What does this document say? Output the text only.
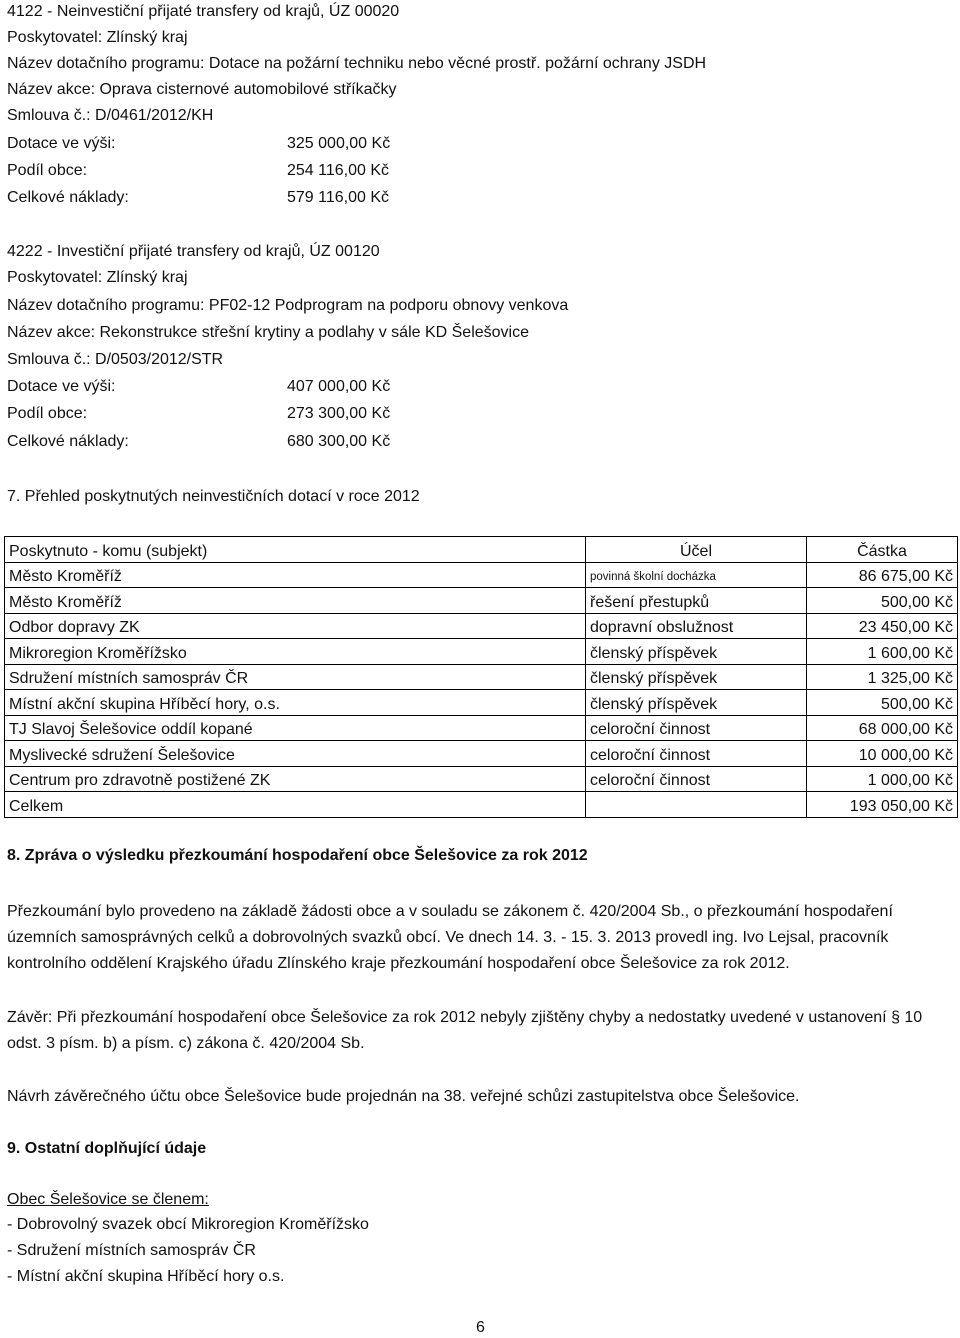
4122 - Neinvestiční přijaté transfery od krajů, ÚZ 00020
Poskytovatel: Zlínský kraj
Název dotačního programu: Dotace na požární techniku nebo věcné prostř. požární ochrany JSDH
Název akce: Oprava cisternové automobilové stříkačky
Smlouva č.: D/0461/2012/KH
Dotace ve výši:	325 000,00 Kč
Podíl obce:	254 116,00 Kč
Celkové náklady:	579 116,00 Kč
4222 - Investiční přijaté transfery od krajů, ÚZ 00120
Poskytovatel: Zlínský kraj
Název dotačního programu: PF02-12 Podprogram na podporu obnovy venkova
Název akce: Rekonstrukce střešní krytiny a podlahy v sále KD Šelešovice
Smlouva č.: D/0503/2012/STR
Dotace ve výši:	407 000,00 Kč
Podíl obce:	273 300,00 Kč
Celkové náklady:	680 300,00 Kč
7. Přehled poskytnutých neinvestičních dotací v roce 2012
Poskytnuto - komu (subjekt)	Účel	Částka
Město Kroměříž	povinná školní docházka	86 675,00 Kč
Město Kroměříž	řešení přestupků	500,00 Kč
Odbor dopravy ZK	dopravní obslužnost	23 450,00 Kč
Mikroregion Kroměřížsko	členský příspěvek	1 600,00 Kč
Sdružení místních samospráv ČR	členský příspěvek	1 325,00 Kč
Místní akční skupina Hříběcí hory, o.s.	členský příspěvek	500,00 Kč
TJ Slavoj Šelešovice oddíl kopané	celoroční činnost	68 000,00 Kč
Myslivecké sdružení Šelešovice	celoroční činnost	10 000,00 Kč
Centrum pro zdravotně postižené ZK	celoroční činnost	1 000,00 Kč
Celkem		193 050,00 Kč
8. Zpráva o výsledku přezkoumání hospodaření obce Šelešovice za rok 2012
Přezkoumání bylo provedeno na základě žádosti obce a v souladu se zákonem č. 420/2004 Sb., o přezkoumání hospodaření územních samosprávných celků a dobrovolných svazků obcí. Ve dnech 14. 3. - 15. 3. 2013 provedl ing. Ivo Lejsal, pracovník kontrolního oddělení Krajského úřadu Zlínského kraje přezkoumání hospodaření obce Šelešovice za rok 2012.
Závěr: Při přezkoumání hospodaření obce Šelešovice za rok 2012 nebyly zjištěny chyby a nedostatky uvedené v ustanovení § 10 odst. 3 písm. b) a písm. c) zákona č. 420/2004 Sb.
Návrh závěrečného účtu obce Šelešovice bude projednán na 38. veřejné schůzi zastupitelstva obce Šelešovice.
9. Ostatní doplňující údaje
Obec Šelešovice se členem:
- Dobrovolný svazek obcí Mikroregion Kroměřížsko
- Sdružení místních samospráv ČR
- Místní akční skupina Hříběcí hory o.s.
6
